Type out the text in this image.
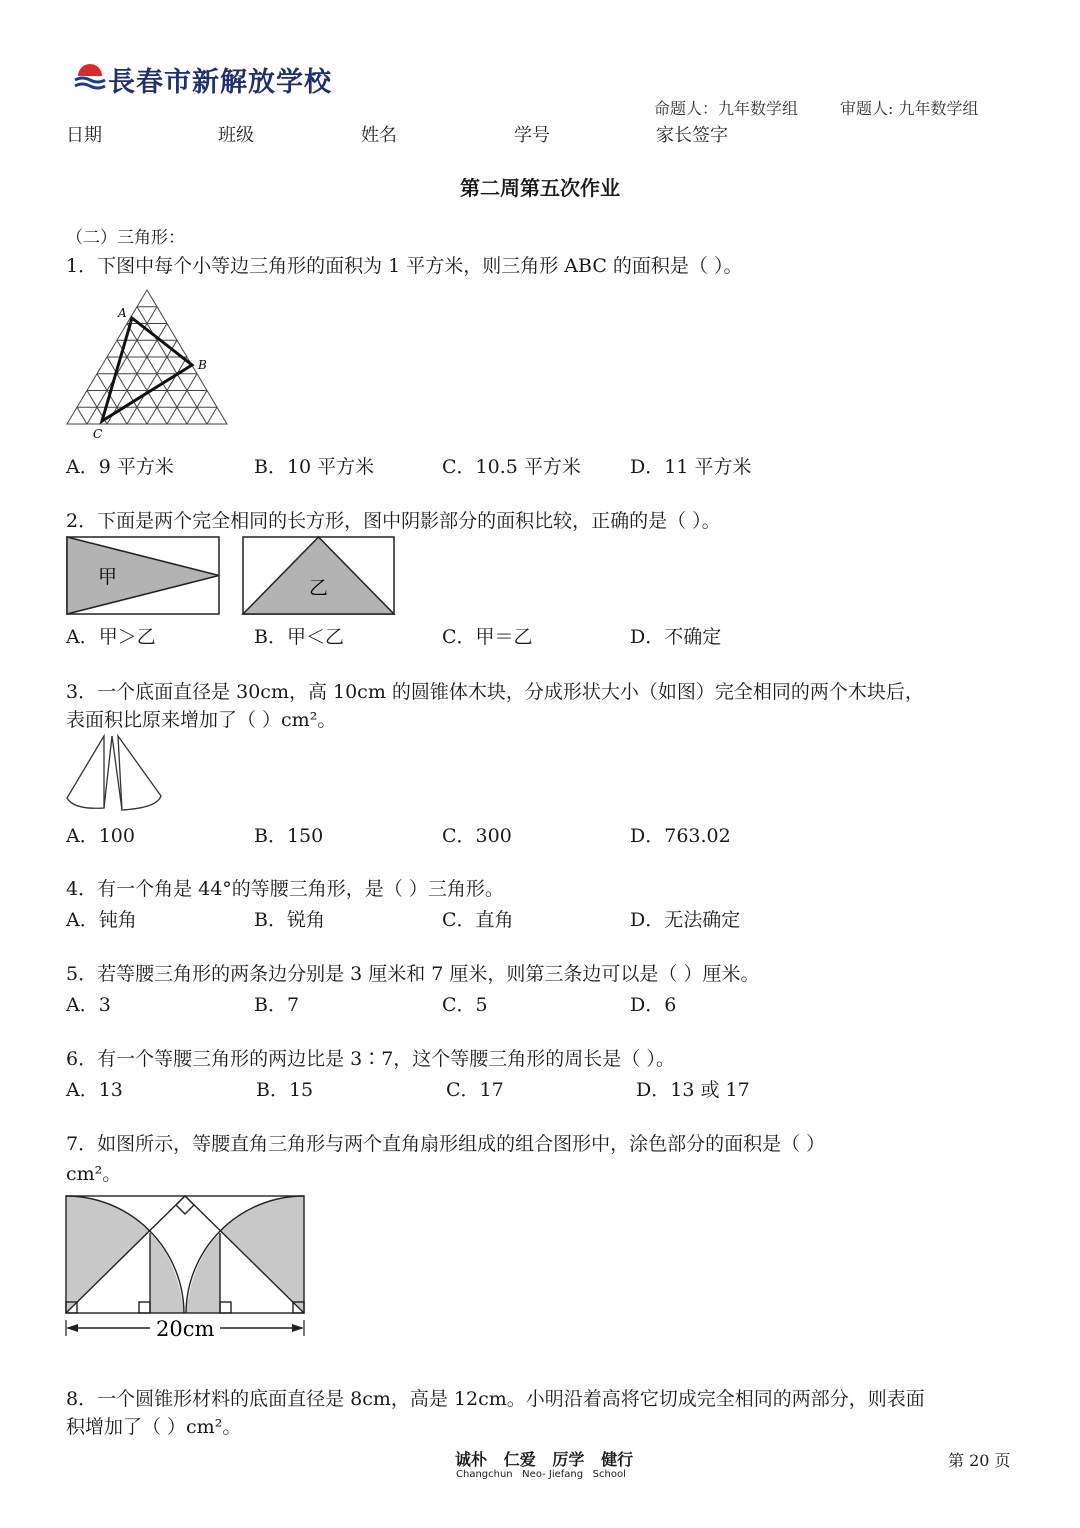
長春市新解放学校
命题人：九年数学组	审题人: 九年数学组
日期	班级	姓名	学号	家长签字
第二周第五次作业
（二）三角形：
1．下图中每个小等边三角形的面积为 1 平方米，则三角形 ABC 的面积是（ ）。
A
B
C
A．9 平方米	B．10 平方米	C．10.5 平方米	D．11 平方米
2．下面是两个完全相同的长方形，图中阴影部分的面积比较，正确的是（ ）。
甲	乙
A．甲＞乙	B．甲＜乙	C．甲＝乙	D．不确定
3．一个底面直径是 30cm，高 10cm 的圆锥体木块，分成形状大小（如图）完全相同的两个木块后，
表面积比原来增加了（ ）cm²。
A．100	B．150	C．300	D．763.02
4．有一个角是 44°的等腰三角形，是（ ）三角形。
A．钝角	B．锐角	C．直角	D．无法确定
5．若等腰三角形的两条边分别是 3 厘米和 7 厘米，则第三条边可以是（ ）厘米。
A．3	B．7	C．5	D．6
6．有一个等腰三角形的两边比是 3∶7，这个等腰三角形的周长是（ ）。
A．13	B．15	C．17	D．13 或 17
7．如图所示，等腰直角三角形与两个直角扇形组成的组合图形中，涂色部分的面积是（ ）
cm²。
20cm
8．一个圆锥形材料的底面直径是 8cm，高是 12cm。小明沿着高将它切成完全相同的两部分，则表面
积增加了（ ）cm²。
诚朴   仁爱   厉学   健行
Changchun   Neo- Jiefang   School
第 20 页
